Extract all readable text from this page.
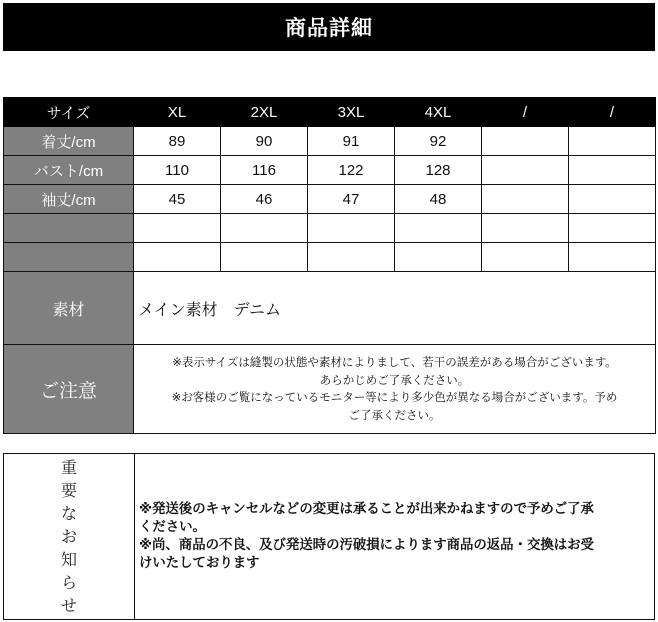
商品詳細
サイズ	XL	2XL	3XL	4XL	/	/
着丈/cm	89	90	91	92		
バスト/cm	110	116	122	128		
袖丈/cm	45	46	47	48		

素材	メイン素材　デニム					
ご注意	※表示サイズは縫製の状態や素材によりまして、若干の誤差がある場合がございます。
あらかじめご了承ください。
※お客様のご覧になっているモニター等により多少色が異なる場合がございます。予め
ご了承ください。					
重
要
な
お
知
ら
せ

※発送後のキャンセルなどの変更は承ることが出来かねますので予めご了承
ください。
※尚、商品の不良、及び発送時の汚破損によります商品の返品・交換はお受
けいたしております
